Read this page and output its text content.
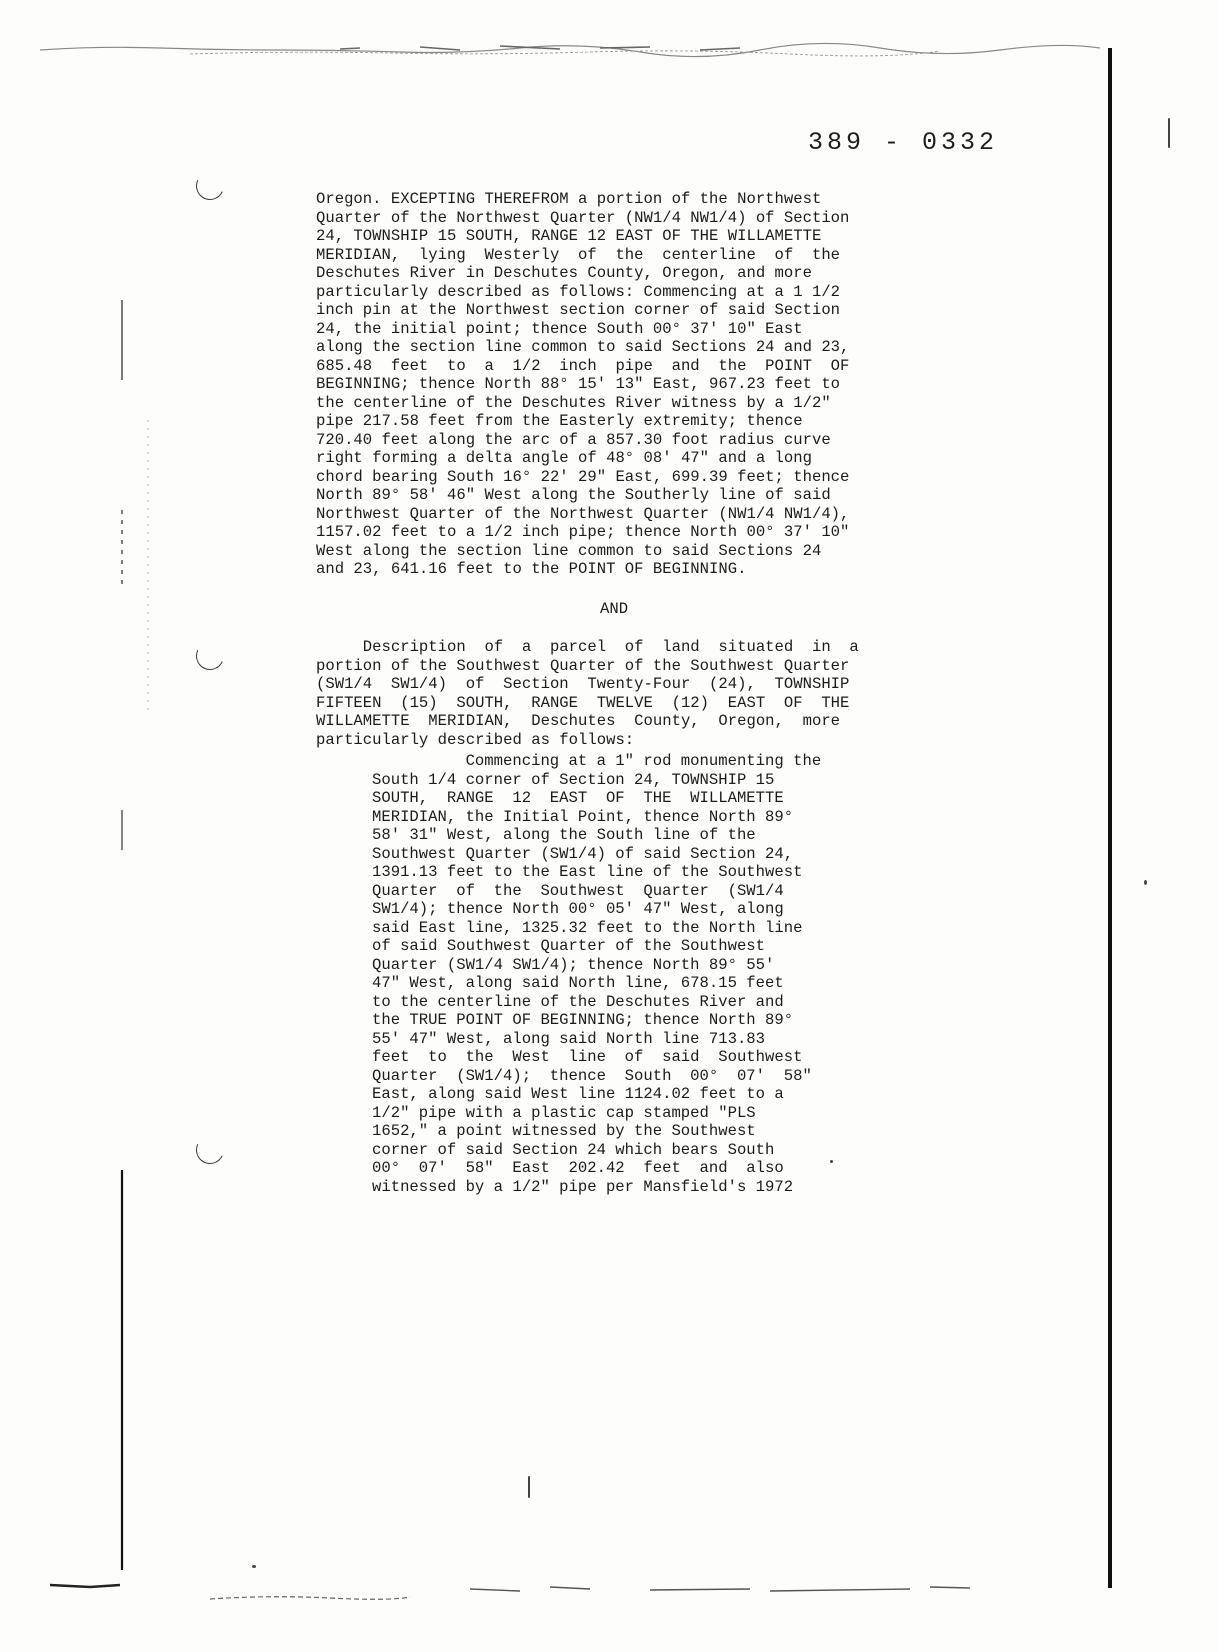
389 - 0332
Oregon. EXCEPTING THEREFROM a portion of the Northwest
Quarter of the Northwest Quarter (NW1/4 NW1/4) of Section
24, TOWNSHIP 15 SOUTH, RANGE 12 EAST OF THE WILLAMETTE
MERIDIAN,  lying  Westerly  of  the  centerline  of  the
Deschutes River in Deschutes County, Oregon, and more
particularly described as follows: Commencing at a 1 1/2
inch pin at the Northwest section corner of said Section
24, the initial point; thence South 00° 37' 10" East
along the section line common to said Sections 24 and 23,
685.48  feet  to  a  1/2  inch  pipe  and  the  POINT  OF
BEGINNING; thence North 88° 15' 13" East, 967.23 feet to
the centerline of the Deschutes River witness by a 1/2"
pipe 217.58 feet from the Easterly extremity; thence
720.40 feet along the arc of a 857.30 foot radius curve
right forming a delta angle of 48° 08' 47" and a long
chord bearing South 16° 22' 29" East, 699.39 feet; thence
North 89° 58' 46" West along the Southerly line of said
Northwest Quarter of the Northwest Quarter (NW1/4 NW1/4),
1157.02 feet to a 1/2 inch pipe; thence North 00° 37' 10"
West along the section line common to said Sections 24
and 23, 641.16 feet to the POINT OF BEGINNING.
AND
Description  of  a  parcel  of  land  situated  in  a
portion of the Southwest Quarter of the Southwest Quarter
(SW1/4  SW1/4)  of  Section  Twenty-Four  (24),  TOWNSHIP
FIFTEEN  (15)  SOUTH,  RANGE  TWELVE  (12)  EAST  OF  THE
WILLAMETTE  MERIDIAN,  Deschutes  County,  Oregon,  more
particularly described as follows:
Commencing at a 1" rod monumenting the
South 1/4 corner of Section 24, TOWNSHIP 15
SOUTH,  RANGE  12  EAST  OF  THE  WILLAMETTE
MERIDIAN, the Initial Point, thence North 89°
58' 31" West, along the South line of the
Southwest Quarter (SW1/4) of said Section 24,
1391.13 feet to the East line of the Southwest
Quarter  of  the  Southwest  Quarter  (SW1/4
SW1/4); thence North 00° 05' 47" West, along
said East line, 1325.32 feet to the North line
of said Southwest Quarter of the Southwest
Quarter (SW1/4 SW1/4); thence North 89° 55'
47" West, along said North line, 678.15 feet
to the centerline of the Deschutes River and
the TRUE POINT OF BEGINNING; thence North 89°
55' 47" West, along said North line 713.83
feet  to  the  West  line  of  said  Southwest
Quarter  (SW1/4);  thence  South  00°  07'  58"
East, along said West line 1124.02 feet to a
1/2" pipe with a plastic cap stamped "PLS
1652," a point witnessed by the Southwest
corner of said Section 24 which bears South
00°  07'  58"  East  202.42  feet  and  also
witnessed by a 1/2" pipe per Mansfield's 1972
